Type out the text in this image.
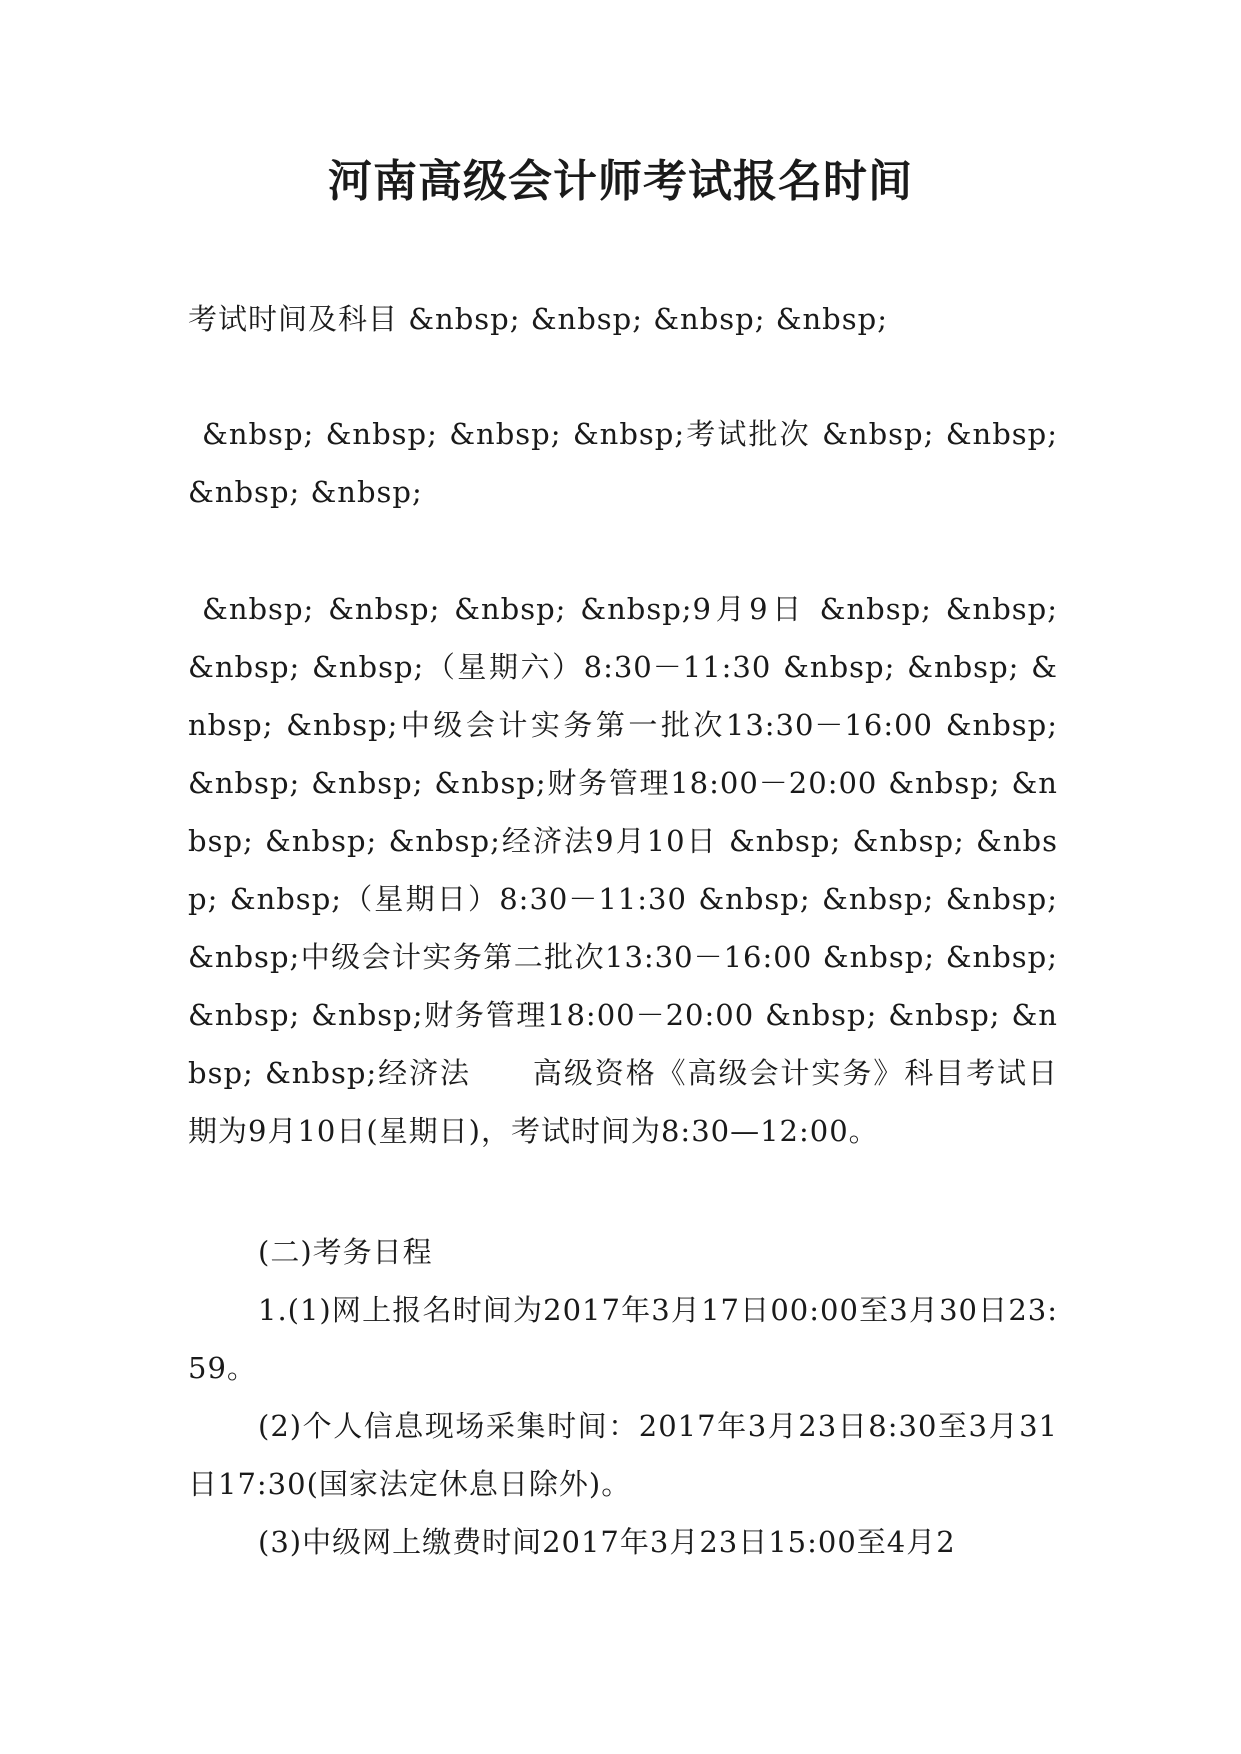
河南高级会计师考试报名时间

考试时间及科目 &nbsp; &nbsp; &nbsp; &nbsp;

&nbsp; &nbsp; &nbsp; &nbsp;考试批次 &nbsp; &nbsp; &nbsp; &nbsp;

&nbsp; &nbsp; &nbsp; &nbsp;9月9日 &nbsp; &nbsp; &nbsp; &nbsp;（星期六）8:30－11:30 &nbsp; &nbsp; &nbsp; &nbsp;中级会计实务第一批次13:30－16:00 &nbsp; &nbsp; &nbsp; &nbsp;财务管理18:00－20:00 &nbsp; &nbsp; &nbsp; &nbsp;经济法9月10日 &nbsp; &nbsp; &nbsp; &nbsp;（星期日）8:30－11:30 &nbsp; &nbsp; &nbsp; &nbsp;中级会计实务第二批次13:30－16:00 &nbsp; &nbsp; &nbsp; &nbsp;财务管理18:00－20:00 &nbsp; &nbsp; &nbsp; &nbsp;经济法　　高级资格《高级会计实务》科目考试日期为9月10日(星期日)，考试时间为8:30—12:00。

(二)考务日程

1.(1)网上报名时间为2017年3月17日00:00至3月30日23:59。

(2)个人信息现场采集时间：2017年3月23日8:30至3月31日17:30(国家法定休息日除外)。

(3)中级网上缴费时间2017年3月23日15:00至4月2
